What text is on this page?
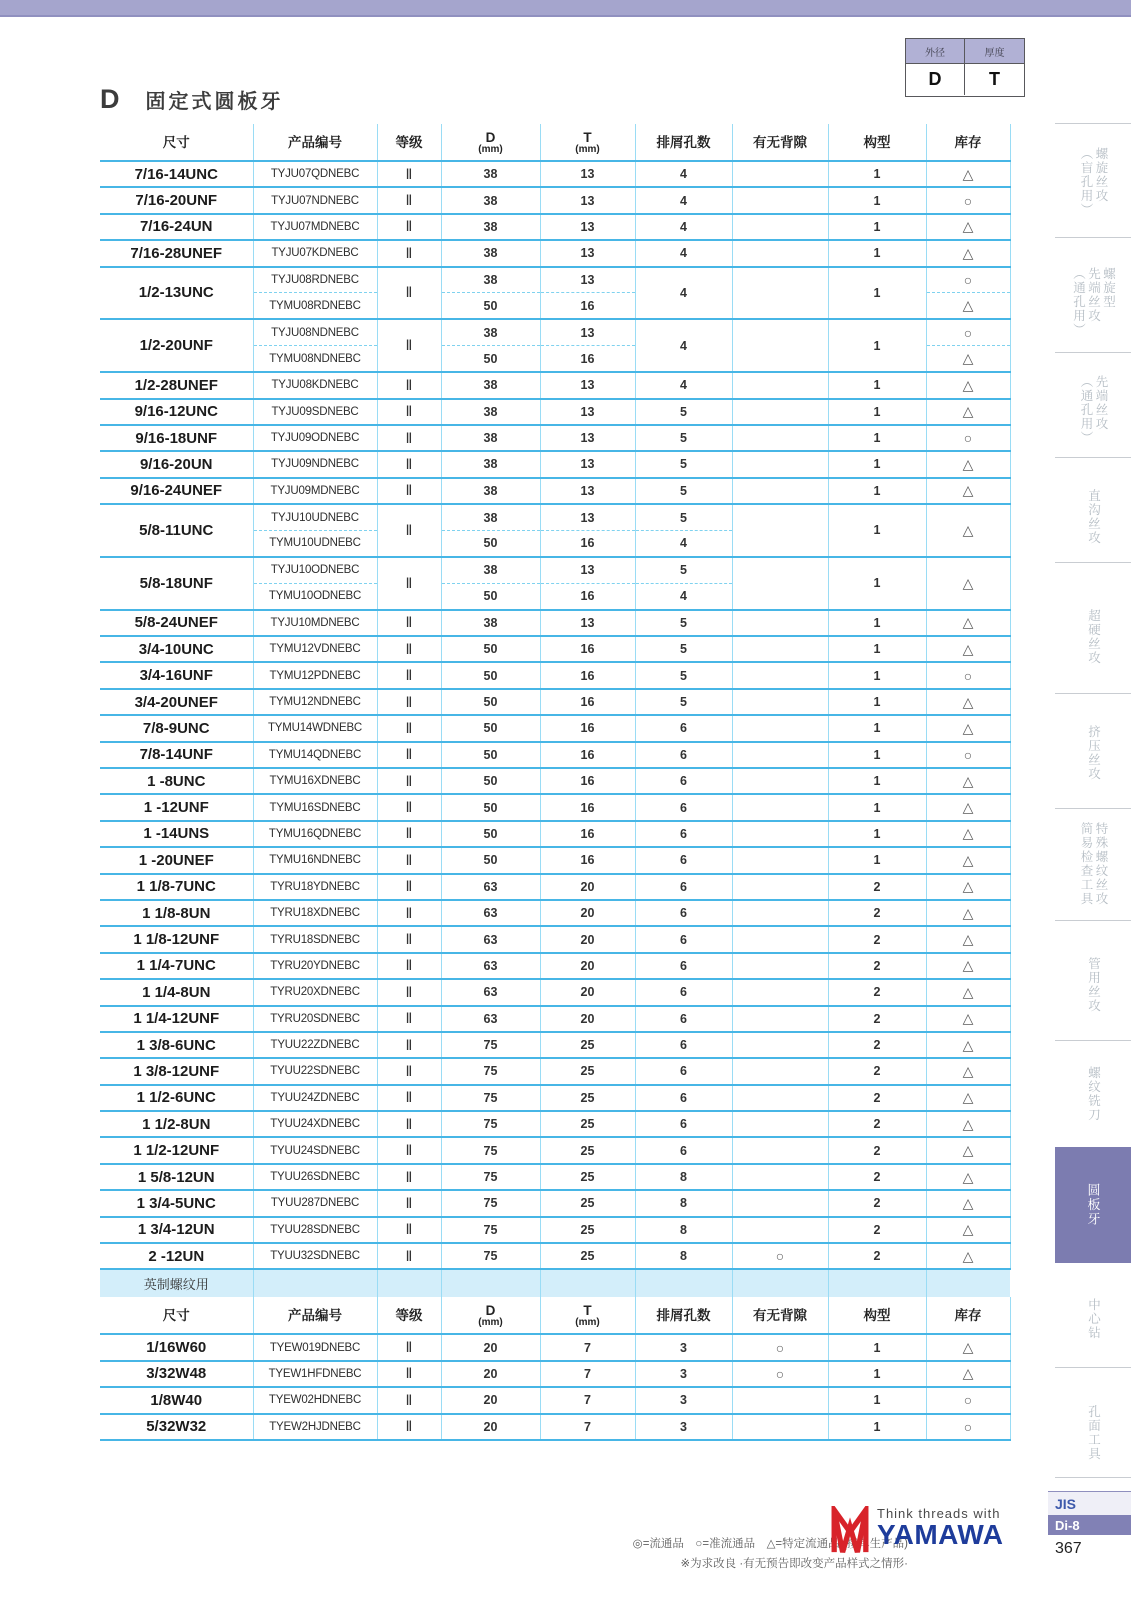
外径	厚度
D	T
D 固定式圆板牙
尺寸	产品编号	等级	D
(mm)

T
(mm)	排屑孔数	有无背隙	构型	库存

7/16-14UNC	TYJU07QDNEBC	Ⅱ	38	13	4		1	△
7/16-20UNF	TYJU07NDNEBC	Ⅱ	38	13	4		1	○
7/16-24UN	TYJU07MDNEBC	Ⅱ	38	13	4		1	△
7/16-28UNEF	TYJU07KDNEBC	Ⅱ	38	13	4		1	△
1/2-13UNC	TYJU08RDNEBC	Ⅱ	38	13	4		1	○
	TYMU08RDNEBC		50	16				△
1/2-20UNF	TYJU08NDNEBC	Ⅱ	38	13	4		1	○
	TYMU08NDNEBC		50	16				△
1/2-28UNEF	TYJU08KDNEBC	Ⅱ	38	13	4		1	△
9/16-12UNC	TYJU09SDNEBC	Ⅱ	38	13	5		1	△
9/16-18UNF	TYJU09ODNEBC	Ⅱ	38	13	5		1	○
9/16-20UN	TYJU09NDNEBC	Ⅱ	38	13	5		1	△
9/16-24UNEF	TYJU09MDNEBC	Ⅱ	38	13	5		1	△
5/8-11UNC	TYJU10UDNEBC	Ⅱ	38	13	5		1	△
	TYMU10UDNEBC		50	16	4			
5/8-18UNF	TYJU10ODNEBC	Ⅱ	38	13	5		1	△
	TYMU10ODNEBC		50	16	4			
5/8-24UNEF	TYJU10MDNEBC	Ⅱ	38	13	5		1	△
3/4-10UNC	TYMU12VDNEBC	Ⅱ	50	16	5		1	△
3/4-16UNF	TYMU12PDNEBC	Ⅱ	50	16	5		1	○
3/4-20UNEF	TYMU12NDNEBC	Ⅱ	50	16	5		1	△
7/8-9UNC	TYMU14WDNEBC	Ⅱ	50	16	6		1	△
7/8-14UNF	TYMU14QDNEBC	Ⅱ	50	16	6		1	○
1 -8UNC	TYMU16XDNEBC	Ⅱ	50	16	6		1	△
1 -12UNF	TYMU16SDNEBC	Ⅱ	50	16	6		1	△
1 -14UNS	TYMU16QDNEBC	Ⅱ	50	16	6		1	△
1 -20UNEF	TYMU16NDNEBC	Ⅱ	50	16	6		1	△
1 1/8-7UNC	TYRU18YDNEBC	Ⅱ	63	20	6		2	△
1 1/8-8UN	TYRU18XDNEBC	Ⅱ	63	20	6		2	△
1 1/8-12UNF	TYRU18SDNEBC	Ⅱ	63	20	6		2	△
1 1/4-7UNC	TYRU20YDNEBC	Ⅱ	63	20	6		2	△
1 1/4-8UN	TYRU20XDNEBC	Ⅱ	63	20	6		2	△
1 1/4-12UNF	TYRU20SDNEBC	Ⅱ	63	20	6		2	△
1 3/8-6UNC	TYUU22ZDNEBC	Ⅱ	75	25	6		2	△
1 3/8-12UNF	TYUU22SDNEBC	Ⅱ	75	25	6		2	△
1 1/2-6UNC	TYUU24ZDNEBC	Ⅱ	75	25	6		2	△
1 1/2-8UN	TYUU24XDNEBC	Ⅱ	75	25	6		2	△
1 1/2-12UNF	TYUU24SDNEBC	Ⅱ	75	25	6		2	△
1 5/8-12UN	TYUU26SDNEBC	Ⅱ	75	25	8		2	△
1 3/4-5UNC	TYUU287DNEBC	Ⅱ	75	25	8		2	△
1 3/4-12UN	TYUU28SDNEBC	Ⅱ	75	25	8		2	△
2 -12UN	TYUU32SDNEBC	Ⅱ	75	25	8	○	2	△
英制螺纹用								

尺寸	产品编号	等级	D
(mm)

T
(mm)	排屑孔数	有无背隙	构型	库存

1/16W60	TYEW019DNEBC	Ⅱ	20	7	3	○	1	△
3/32W48	TYEW1HFDNEBC	Ⅱ	20	7	3	○	1	△
1/8W40	TYEW02HDNEBC	Ⅱ	20	7	3		1	○
5/32W32	TYEW2HJDNEBC	Ⅱ	20	7	3		1	○
螺旋丝攻
（盲孔用）
螺旋型
先端丝攻
（通孔用）
先端丝攻
（通孔用）
直沟丝攻
超硬丝攻
挤压丝攻
特殊螺纹丝攻
简易检查工具
管用丝攻
螺纹铣刀
圆板牙
中心钻
孔面工具
JIS
Di-8
367
◎=流通品　○=准流通品　△=特定流通品 (接单生产品)
※为求改良 ·有无预告即改变产品样式之情形·
Think threads with
YAMAWA
